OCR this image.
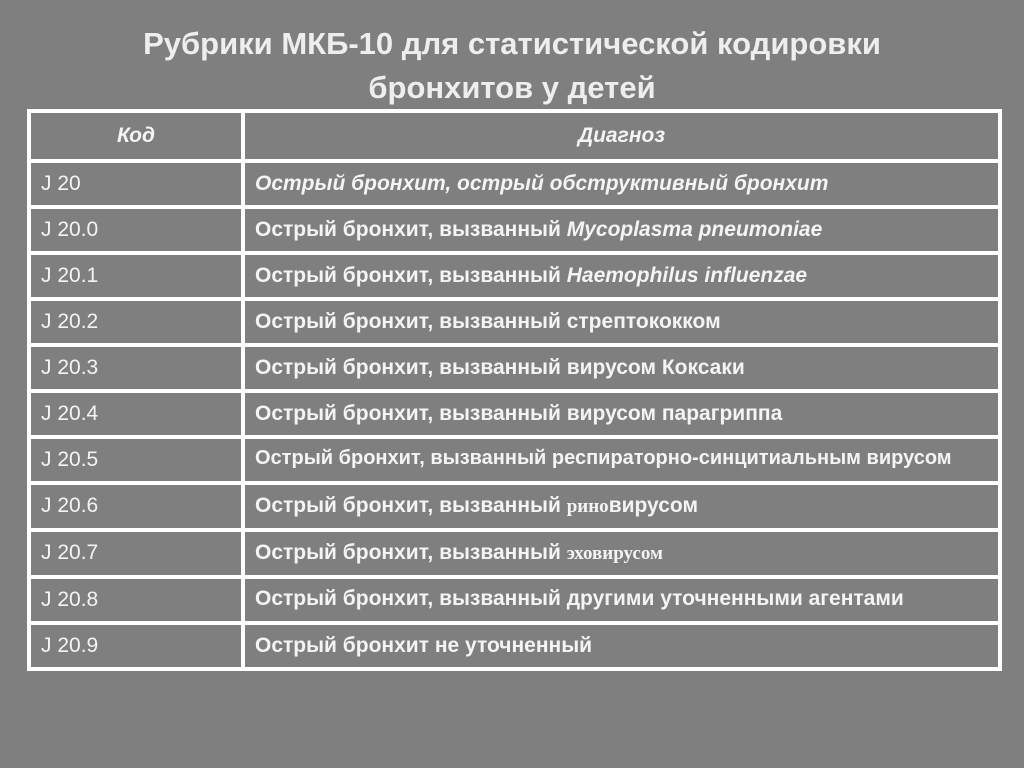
Рубрики МКБ-10 для статистической кодировки
бронхитов у детей
Код	Диагноз
J 20	Острый бронхит, острый обструктивный бронхит
J 20.0	Острый бронхит, вызванный Mycoplasma pneumoniae
J 20.1	Острый бронхит, вызванный Haemophilus influenzae
J 20.2	Острый бронхит, вызванный стрептококком
J 20.3	Острый бронхит, вызванный вирусом Коксаки
J 20.4	Острый бронхит, вызванный вирусом парагриппа
J 20.5	Острый бронхит, вызванный респираторно-синцитиальным вирусом
J 20.6	Острый бронхит, вызванный риновирусом
J 20.7	Острый бронхит, вызванный эховирусом
J 20.8	Острый бронхит, вызванный другими уточненными агентами
J 20.9	Острый бронхит не уточненный
